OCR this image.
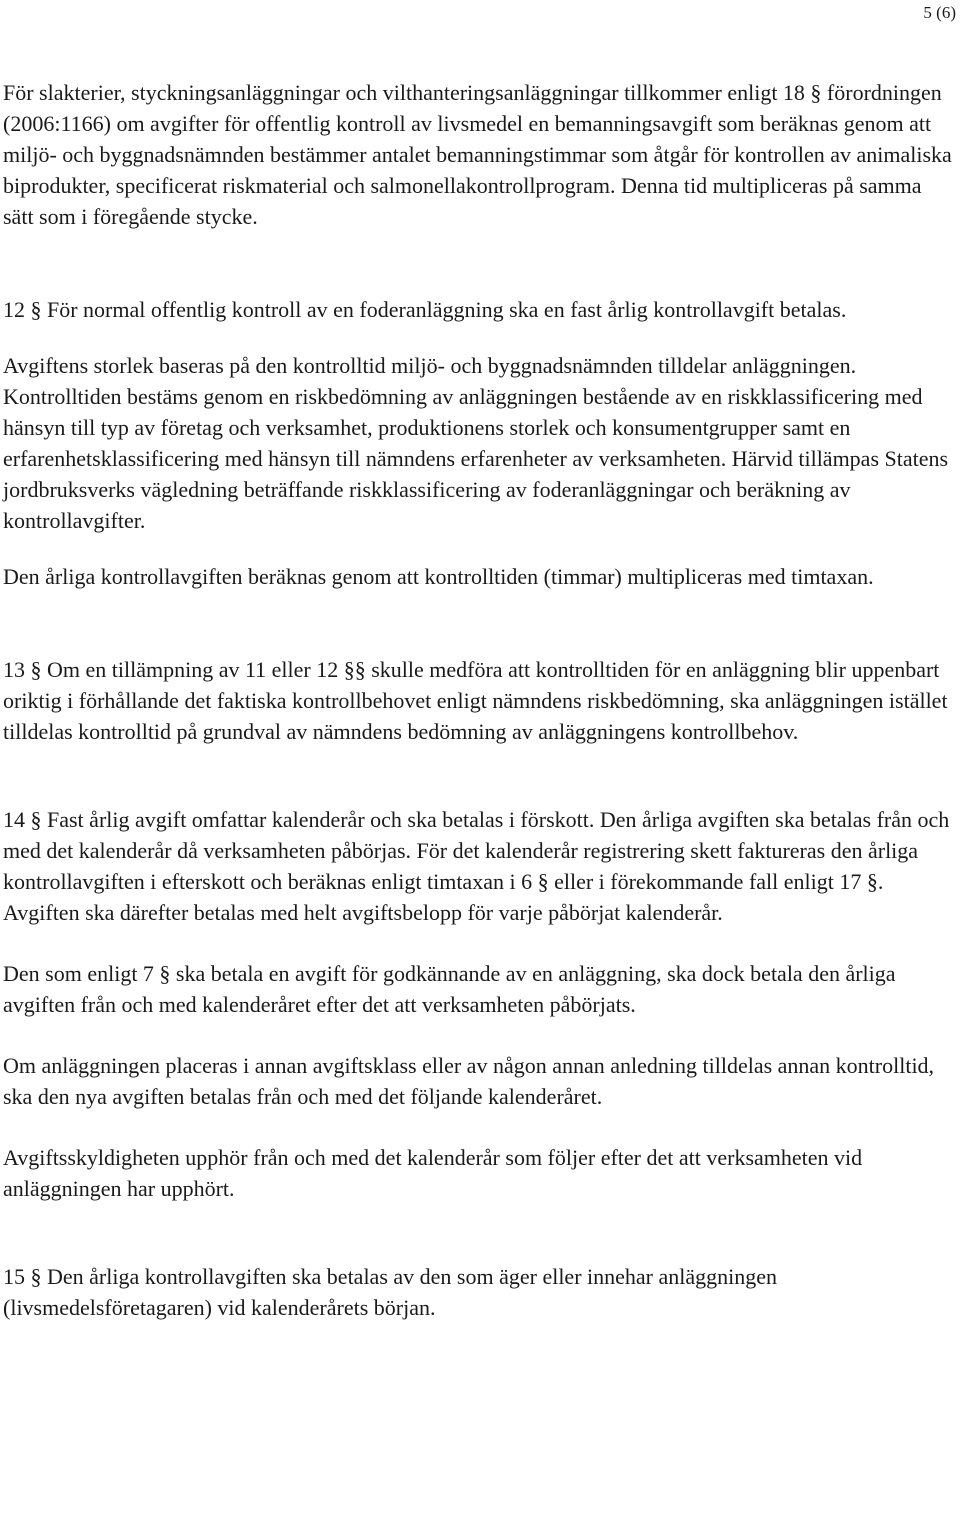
5 (6)

För slakterier, styckningsanläggningar och vilthanteringsanläggningar tillkommer enligt 18 § förordningen (2006:1166) om avgifter för offentlig kontroll av livsmedel en bemanningsavgift som beräknas genom att miljö- och byggnadsnämnden bestämmer antalet bemanningstimmar som åtgår för kontrollen av animaliska biprodukter, specificerat riskmaterial och salmonellakontrollprogram. Denna tid multipliceras på samma sätt som i föregående stycke.

12 § För normal offentlig kontroll av en foderanläggning ska en fast årlig kontrollavgift betalas.

Avgiftens storlek baseras på den kontrolltid miljö- och byggnadsnämnden tilldelar anläggningen. Kontrolltiden bestäms genom en riskbedömning av anläggningen bestående av en riskklassificering med hänsyn till typ av företag och verksamhet, produktionens storlek och konsumentgrupper samt en erfarenhetsklassificering med hänsyn till nämndens erfarenheter av verksamheten. Härvid tillämpas Statens jordbruksverks vägledning beträffande riskklassificering av foderanläggningar och beräkning av kontrollavgifter.

Den årliga kontrollavgiften beräknas genom att kontrolltiden (timmar) multipliceras med timtaxan.

13 § Om en tillämpning av 11 eller 12 §§ skulle medföra att kontrolltiden för en anläggning blir uppenbart oriktig i förhållande det faktiska kontrollbehovet enligt nämndens riskbedömning, ska anläggningen istället tilldelas kontrolltid på grundval av nämndens bedömning av anläggningens kontrollbehov.

14 § Fast årlig avgift omfattar kalenderår och ska betalas i förskott. Den årliga avgiften ska betalas från och med det kalenderår då verksamheten påbörjas. För det kalenderår registrering skett faktureras den årliga kontrollavgiften i efterskott och beräknas enligt timtaxan i 6 § eller i förekommande fall enligt 17 §. Avgiften ska därefter betalas med helt avgiftsbelopp för varje påbörjat kalenderår.

Den som enligt 7 § ska betala en avgift för godkännande av en anläggning, ska dock betala den årliga avgiften från och med kalenderåret efter det att verksamheten påbörjats.

Om anläggningen placeras i annan avgiftsklass eller av någon annan anledning tilldelas annan kontrolltid, ska den nya avgiften betalas från och med det följande kalenderåret.

Avgiftsskyldigheten upphör från och med det kalenderår som följer efter det att verksamheten vid anläggningen har upphört.

15 § Den årliga kontrollavgiften ska betalas av den som äger eller innehar anläggningen (livsmedelsföretagaren) vid kalenderårets början.
